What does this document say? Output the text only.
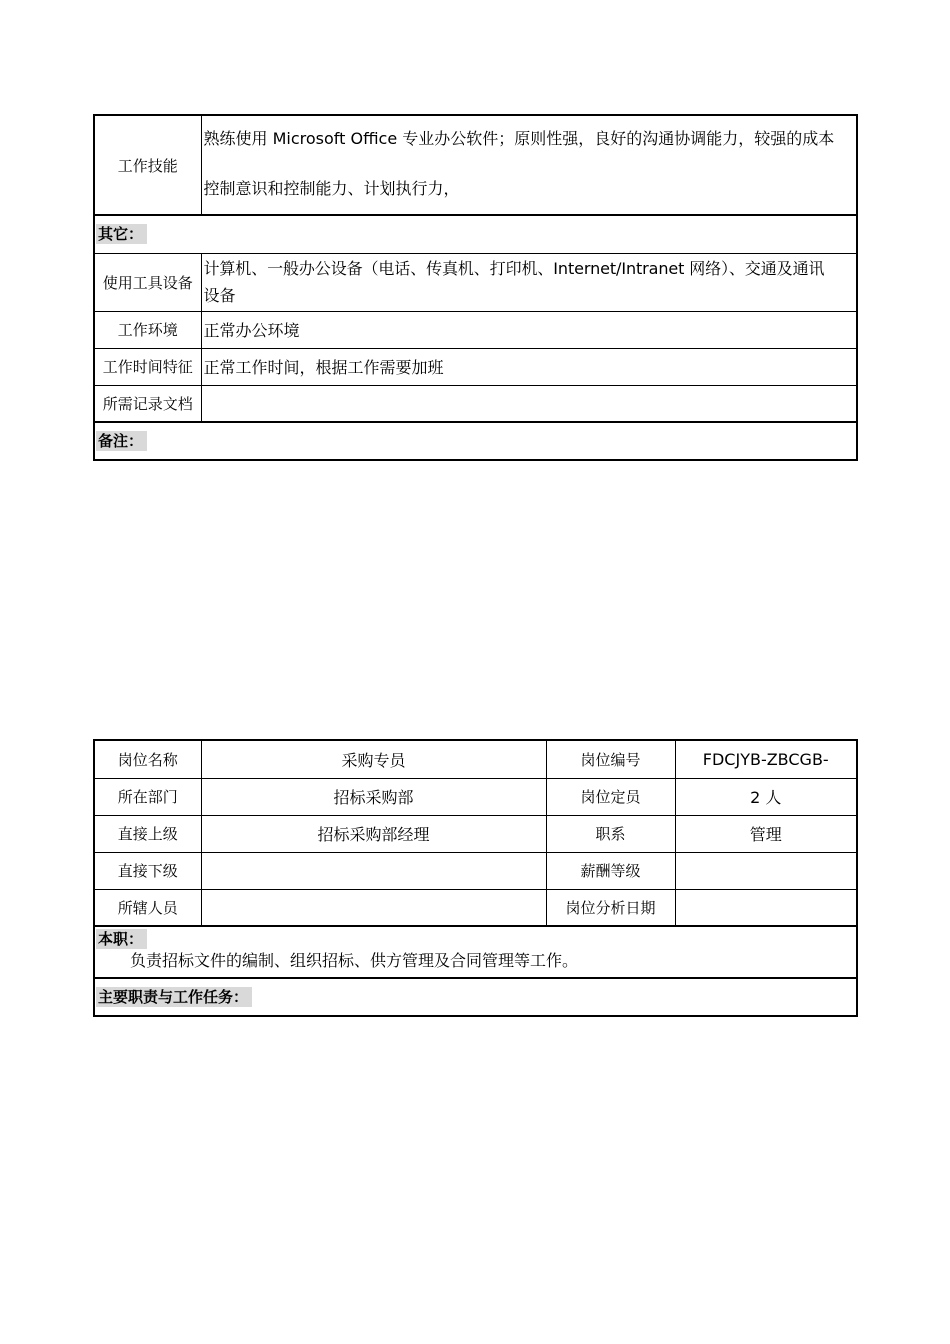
工作技能	熟练使用 Microsoft Office 专业办公软件；原则性强，良好的沟通协调能力，较强的成本
控制意识和控制能力、计划执行力，

其它：	
使用工具设备	计算机、一般办公设备（电话、传真机、打印机、Internet/Intranet 网络）、交通及通讯
设备

工作环境	正常办公环境
工作时间特征	正常工作时间，根据工作需要加班
所需记录文档	
备注：	
岗位名称	采购专员	岗位编号	FDCJYB-ZBCGB-
所在部门	招标采购部	岗位定员	2 人
直接上级	招标采购部经理	职系	管理
直接下级		薪酬等级	
所辖人员		岗位分析日期	

本职：
负责招标文件的编制、组织招标、供方管理及合同管理等工作。			

主要职责与工作任务：			
